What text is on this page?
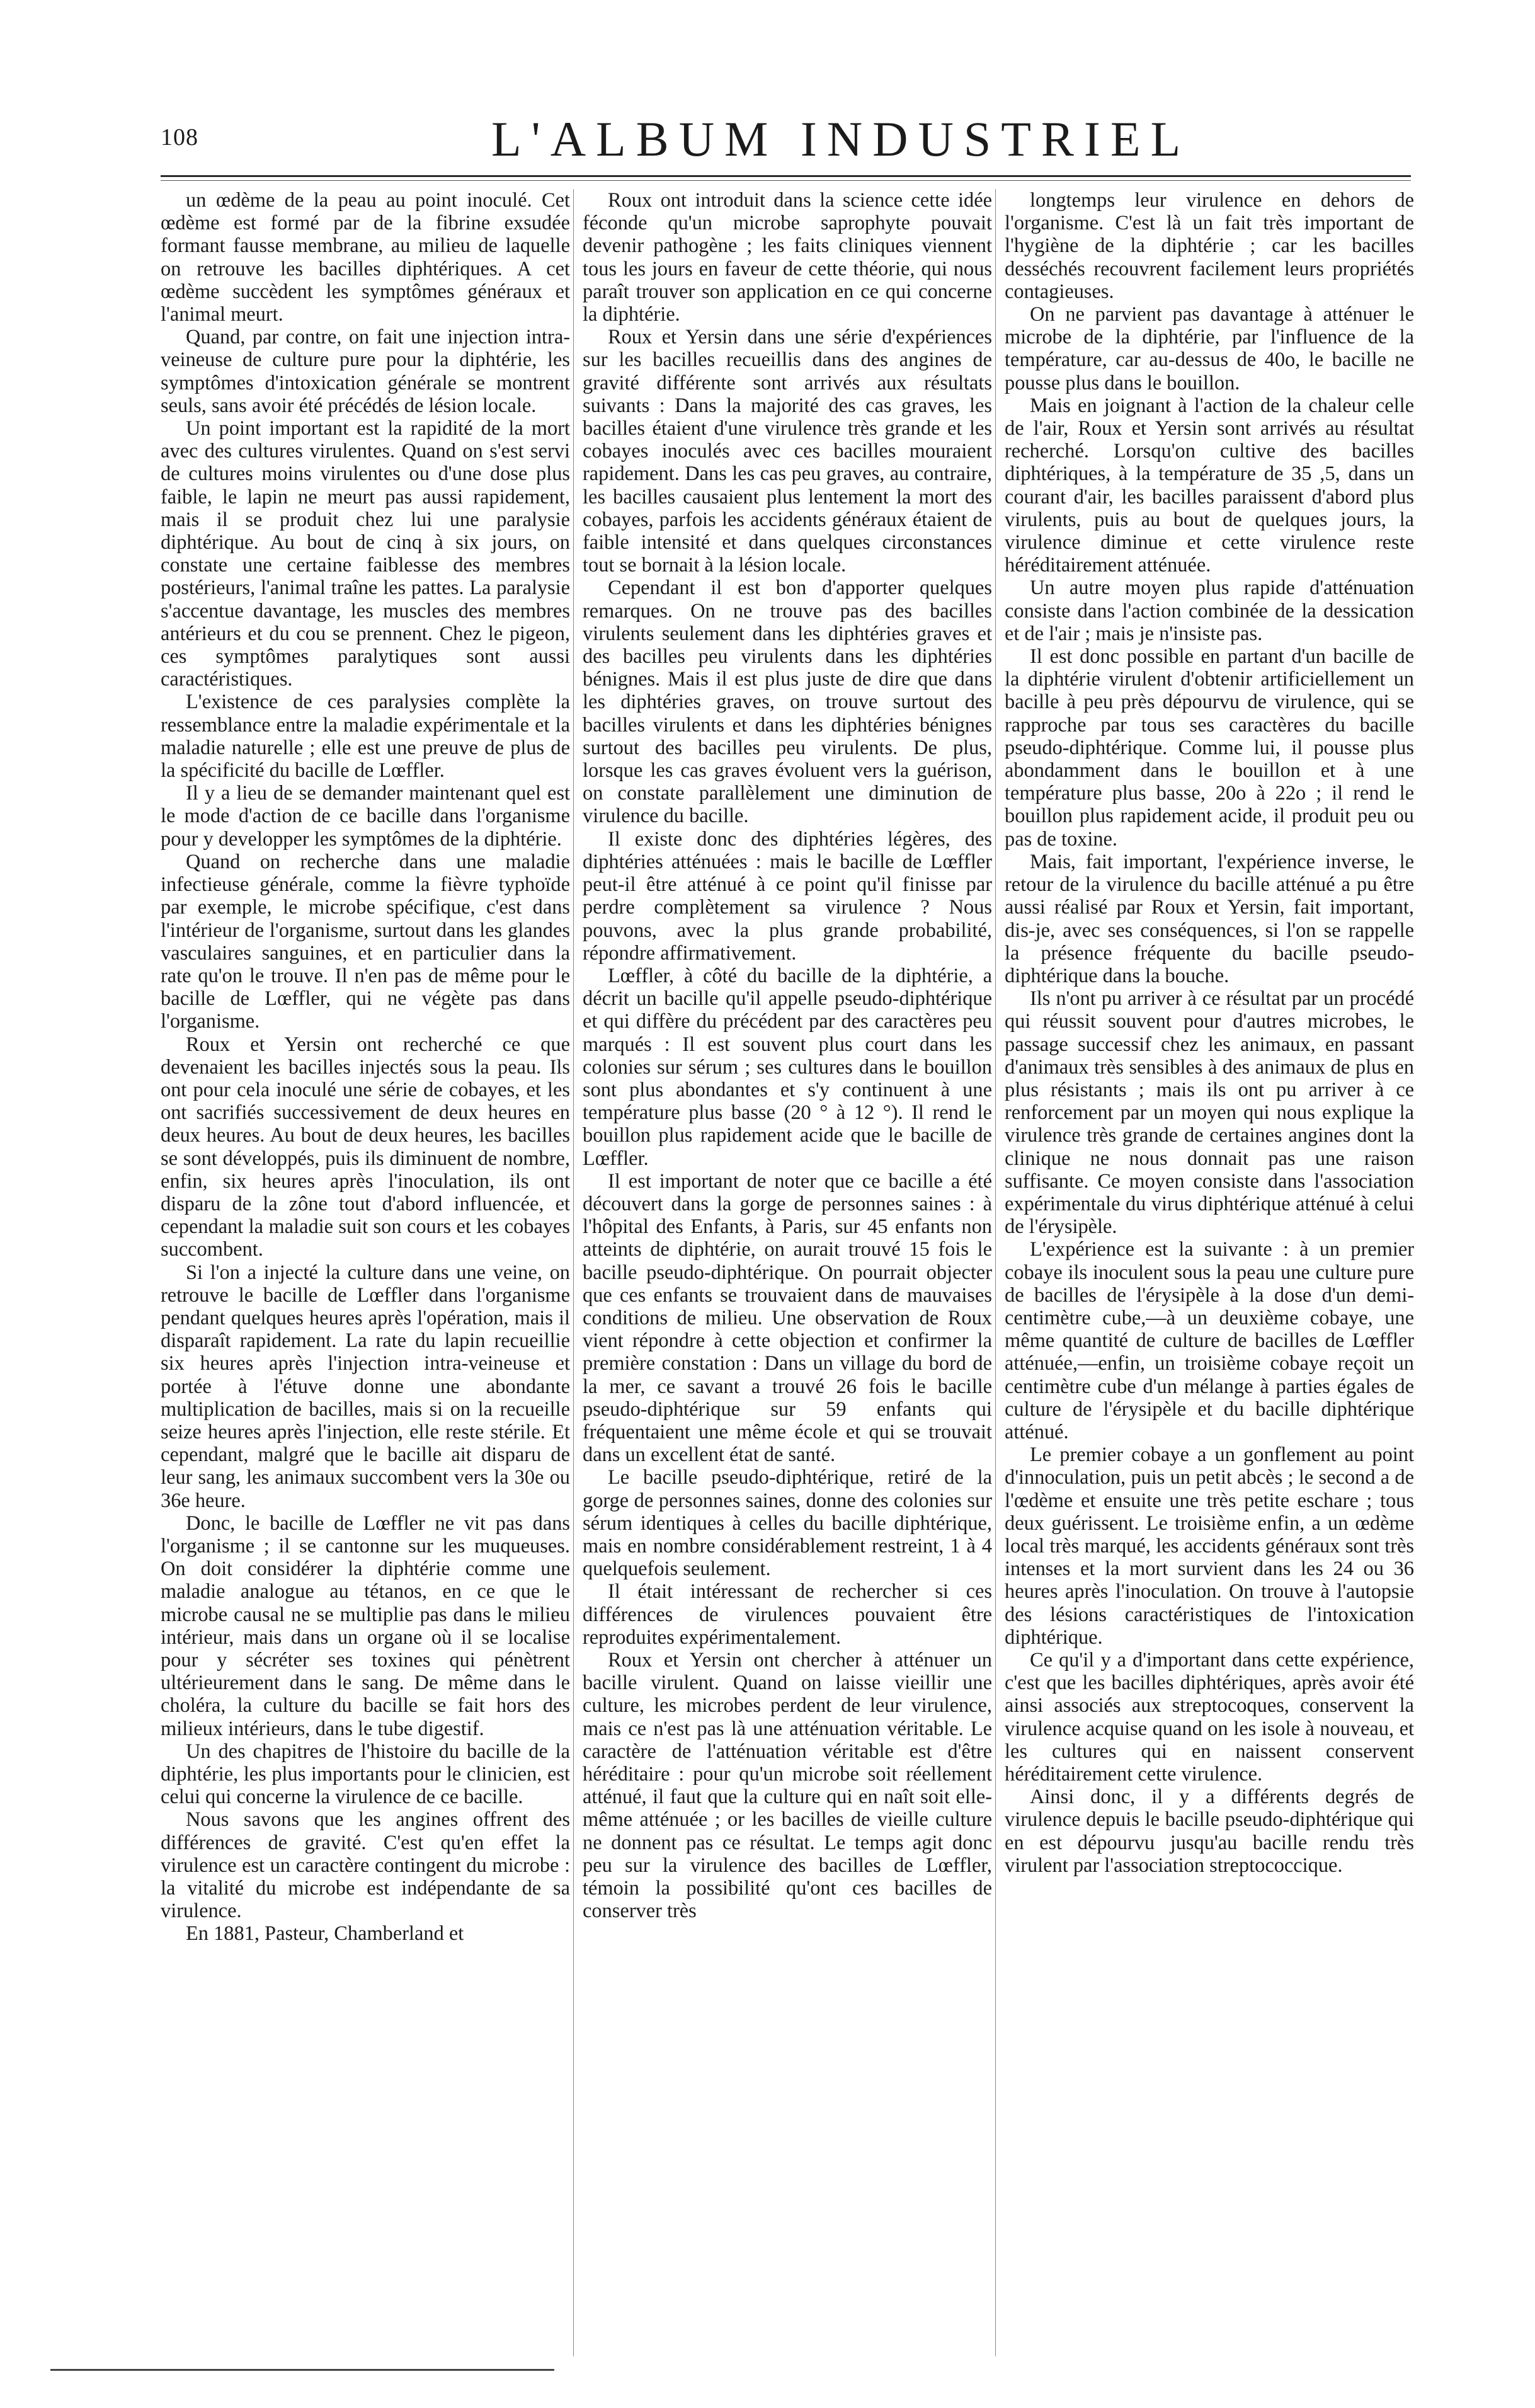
108	L'ALBUM INDUSTRIEL

un œdème de la peau au point inoculé. Cet œdème est formé par de la fibrine exsudée formant fausse membrane, au milieu de laquelle on retrouve les bacilles diphtériques. A cet œdème succèdent les symptômes généraux et l'animal meurt.

Quand, par contre, on fait une injection intra-veineuse de culture pure pour la diphtérie, les symptômes d'intoxication générale se montrent seuls, sans avoir été précédés de lésion locale.

Un point important est la rapidité de la mort avec des cultures virulentes. Quand on s'est servi de cultures moins virulentes ou d'une dose plus faible, le lapin ne meurt pas aussi rapidement, mais il se produit chez lui une paralysie diphtérique. Au bout de cinq à six jours, on constate une certaine faiblesse des membres postérieurs, l'animal traîne les pattes. La paralysie s'accentue davantage, les muscles des membres antérieurs et du cou se prennent. Chez le pigeon, ces symptômes paralytiques sont aussi caractéristiques.

L'existence de ces paralysies complète la ressemblance entre la maladie expérimentale et la maladie naturelle ; elle est une preuve de plus de la spécificité du bacille de Lœffler.

Il y a lieu de se demander maintenant quel est le mode d'action de ce bacille dans l'organisme pour y developper les symptômes de la diphtérie.

Quand on recherche dans une maladie infectieuse générale, comme la fièvre typhoïde par exemple, le microbe spécifique, c'est dans l'intérieur de l'organisme, surtout dans les glandes vasculaires sanguines, et en particulier dans la rate qu'on le trouve. Il n'en pas de même pour le bacille de Lœffler, qui ne végète pas dans l'organisme.

Roux et Yersin ont recherché ce que devenaient les bacilles injectés sous la peau. Ils ont pour cela inoculé une série de cobayes, et les ont sacrifiés successivement de deux heures en deux heures. Au bout de deux heures, les bacilles se sont développés, puis ils diminuent de nombre, enfin, six heures après l'inoculation, ils ont disparu de la zône tout d'abord influencée, et cependant la maladie suit son cours et les cobayes succombent.

Si l'on a injecté la culture dans une veine, on retrouve le bacille de Lœffler dans l'organisme pendant quelques heures après l'opération, mais il disparaît rapidement. La rate du lapin recueillie six heures après l'injection intra-veineuse et portée à l'étuve donne une abondante multiplication de bacilles, mais si on la recueille seize heures après l'injection, elle reste stérile. Et cependant, malgré que le bacille ait disparu de leur sang, les animaux succombent vers la 30e ou 36e heure.

Donc, le bacille de Lœffler ne vit pas dans l'organisme ; il se cantonne sur les muqueuses. On doit considérer la diphtérie comme une maladie analogue au tétanos, en ce que le microbe causal ne se multiplie pas dans le milieu intérieur, mais dans un organe où il se localise pour y sécréter ses toxines qui pénètrent ultérieurement dans le sang. De même dans le choléra, la culture du bacille se fait hors des milieux intérieurs, dans le tube digestif.

Un des chapitres de l'histoire du bacille de la diphtérie, les plus importants pour le clinicien, est celui qui concerne la virulence de ce bacille.

Nous savons que les angines offrent des différences de gravité. C'est qu'en effet la virulence est un caractère contingent du microbe : la vitalité du microbe est indépendante de sa virulence.

En 1881, Pasteur, Chamberland et

Roux ont introduit dans la science cette idée féconde qu'un microbe saprophyte pouvait devenir pathogène ; les faits cliniques viennent tous les jours en faveur de cette théorie, qui nous paraît trouver son application en ce qui concerne la diphtérie.

Roux et Yersin dans une série d'expériences sur les bacilles recueillis dans des angines de gravité différente sont arrivés aux résultats suivants : Dans la majorité des cas graves, les bacilles étaient d'une virulence très grande et les cobayes inoculés avec ces bacilles mouraient rapidement. Dans les cas peu graves, au contraire, les bacilles causaient plus lentement la mort des cobayes, parfois les accidents généraux étaient de faible intensité et dans quelques circonstances tout se bornait à la lésion locale.

Cependant il est bon d'apporter quelques remarques. On ne trouve pas des bacilles virulents seulement dans les diphtéries graves et des bacilles peu virulents dans les diphtéries bénignes. Mais il est plus juste de dire que dans les diphtéries graves, on trouve surtout des bacilles virulents et dans les diphtéries bénignes surtout des bacilles peu virulents. De plus, lorsque les cas graves évoluent vers la guérison, on constate parallèlement une diminution de virulence du bacille.

Il existe donc des diphtéries légères, des diphtéries atténuées : mais le bacille de Lœffler peut-il être atténué à ce point qu'il finisse par perdre complètement sa virulence ? Nous pouvons, avec la plus grande probabilité, répondre affirmativement.

Lœffler, à côté du bacille de la diphtérie, a décrit un bacille qu'il appelle pseudo-diphtérique et qui diffère du précédent par des caractères peu marqués : Il est souvent plus court dans les colonies sur sérum ; ses cultures dans le bouillon sont plus abondantes et s'y continuent à une température plus basse (20 ° à 12 °). Il rend le bouillon plus rapidement acide que le bacille de Lœffler.

Il est important de noter que ce bacille a été découvert dans la gorge de personnes saines : à l'hôpital des Enfants, à Paris, sur 45 enfants non atteints de diphtérie, on aurait trouvé 15 fois le bacille pseudo-diphtérique. On pourrait objecter que ces enfants se trouvaient dans de mauvaises conditions de milieu. Une observation de Roux vient répondre à cette objection et confirmer la première constation : Dans un village du bord de la mer, ce savant a trouvé 26 fois le bacille pseudo-diphtérique sur 59 enfants qui fréquentaient une même école et qui se trouvait dans un excellent état de santé.

Le bacille pseudo-diphtérique, retiré de la gorge de personnes saines, donne des colonies sur sérum identiques à celles du bacille diphtérique, mais en nombre considérablement restreint, 1 à 4 quelquefois seulement.

Il était intéressant de rechercher si ces différences de virulences pouvaient être reproduites expérimentalement.

Roux et Yersin ont chercher à atténuer un bacille virulent. Quand on laisse vieillir une culture, les microbes perdent de leur virulence, mais ce n'est pas là une atténuation véritable. Le caractère de l'atténuation véritable est d'être héréditaire : pour qu'un microbe soit réellement atténué, il faut que la culture qui en naît soit elle-même atténuée ; or les bacilles de vieille culture ne donnent pas ce résultat. Le temps agit donc peu sur la virulence des bacilles de Lœffler, témoin la possibilité qu'ont ces bacilles de conserver très

longtemps leur virulence en dehors de l'organisme. C'est là un fait très important de l'hygiène de la diphtérie ; car les bacilles desséchés recouvrent facilement leurs propriétés contagieuses.

On ne parvient pas davantage à atténuer le microbe de la diphtérie, par l'influence de la température, car au-dessus de 40o, le bacille ne pousse plus dans le bouillon.

Mais en joignant à l'action de la chaleur celle de l'air, Roux et Yersin sont arrivés au résultat recherché. Lorsqu'on cultive des bacilles diphtériques, à la température de 35 ,5, dans un courant d'air, les bacilles paraissent d'abord plus virulents, puis au bout de quelques jours, la virulence diminue et cette virulence reste héréditairement atténuée.

Un autre moyen plus rapide d'atténuation consiste dans l'action combinée de la dessication et de l'air ; mais je n'insiste pas.

Il est donc possible en partant d'un bacille de la diphtérie virulent d'obtenir artificiellement un bacille à peu près dépourvu de virulence, qui se rapproche par tous ses caractères du bacille pseudo-diphtérique. Comme lui, il pousse plus abondamment dans le bouillon et à une température plus basse, 20o à 22o ; il rend le bouillon plus rapidement acide, il produit peu ou pas de toxine.

Mais, fait important, l'expérience inverse, le retour de la virulence du bacille atténué a pu être aussi réalisé par Roux et Yersin, fait important, dis-je, avec ses conséquences, si l'on se rappelle la présence fréquente du bacille pseudo-diphtérique dans la bouche.

Ils n'ont pu arriver à ce résultat par un procédé qui réussit souvent pour d'autres microbes, le passage successif chez les animaux, en passant d'animaux très sensibles à des animaux de plus en plus résistants ; mais ils ont pu arriver à ce renforcement par un moyen qui nous explique la virulence très grande de certaines angines dont la clinique ne nous donnait pas une raison suffisante. Ce moyen consiste dans l'association expérimentale du virus diphtérique atténué à celui de l'érysipèle.

L'expérience est la suivante : à un premier cobaye ils inoculent sous la peau une culture pure de bacilles de l'érysipèle à la dose d'un demi-centimètre cube,—à un deuxième cobaye, une même quantité de culture de bacilles de Lœffler atténuée,—enfin, un troisième cobaye reçoit un centimètre cube d'un mélange à parties égales de culture de l'érysipèle et du bacille diphtérique atténué.

Le premier cobaye a un gonflement au point d'innoculation, puis un petit abcès ; le second a de l'œdème et ensuite une très petite eschare ; tous deux guérissent. Le troisième enfin, a un œdème local très marqué, les accidents généraux sont très intenses et la mort survient dans les 24 ou 36 heures après l'inoculation. On trouve à l'autopsie des lésions caractéristiques de l'intoxication diphtérique.

Ce qu'il y a d'important dans cette expérience, c'est que les bacilles diphtériques, après avoir été ainsi associés aux streptocoques, conservent la virulence acquise quand on les isole à nouveau, et les cultures qui en naissent conservent héréditairement cette virulence.

Ainsi donc, il y a différents degrés de virulence depuis le bacille pseudo-diphtérique qui en est dépourvu jusqu'au bacille rendu très virulent par l'association streptococcique.
